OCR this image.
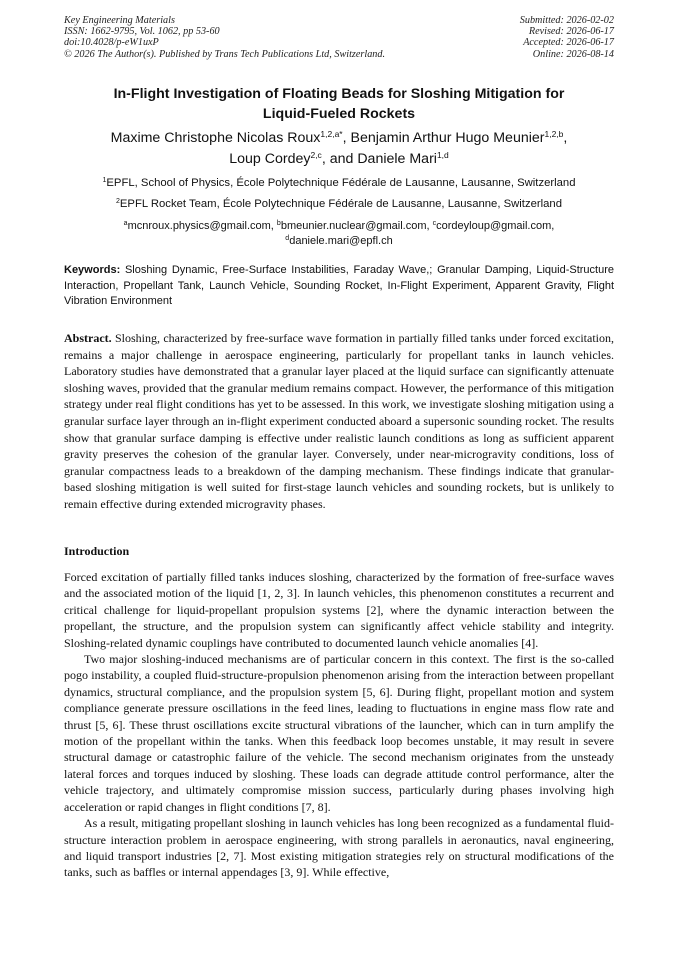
Key Engineering Materials
ISSN: 1662-9795, Vol. 1062, pp 53-60
doi:10.4028/p-eW1uxP
© 2026 The Author(s). Published by Trans Tech Publications Ltd, Switzerland.
Submitted: 2026-02-02
Revised: 2026-06-17
Accepted: 2026-06-17
Online: 2026-08-14
In-Flight Investigation of Floating Beads for Sloshing Mitigation for
Liquid-Fueled Rockets
Maxime Christophe Nicolas Roux$^{1,2,a*}$, Benjamin Arthur Hugo Meunier$^{1,2,b}$,
Loup Cordey$^{2,c}$, and Daniele Mari$^{1,d}$
$^1$EPFL, School of Physics, École Polytechnique Fédérale de Lausanne, Lausanne, Switzerland
$^2$EPFL Rocket Team, École Polytechnique Fédérale de Lausanne, Lausanne, Switzerland
$^a$mcnroux.physics@gmail.com, $^b$bmeunier.nuclear@gmail.com, $^c$cordeyloup@gmail.com,
$^d$daniele.mari@epfl.ch
Keywords: Sloshing Dynamic, Free-Surface Instabilities, Faraday Wave,; Granular Damping, Liquid-Structure Interaction, Propellant Tank, Launch Vehicle, Sounding Rocket, In-Flight Experiment, Apparent Gravity, Flight Vibration Environment
Abstract. Sloshing, characterized by free-surface wave formation in partially filled tanks under forced excitation, remains a major challenge in aerospace engineering, particularly for propellant tanks in launch vehicles. Laboratory studies have demonstrated that a granular layer placed at the liquid surface can significantly attenuate sloshing waves, provided that the granular medium remains compact. However, the performance of this mitigation strategy under real flight conditions has yet to be assessed. In this work, we investigate sloshing mitigation using a granular surface layer through an in-flight experiment conducted aboard a supersonic sounding rocket. The results show that granular surface damping is effective under realistic launch conditions as long as sufficient apparent gravity preserves the cohesion of the granular layer. Conversely, under near-microgravity conditions, loss of granular compactness leads to a breakdown of the damping mechanism. These findings indicate that granular-based sloshing mitigation is well suited for first-stage launch vehicles and sounding rockets, but is unlikely to remain effective during extended microgravity phases.
Introduction

Forced excitation of partially filled tanks induces sloshing, characterized by the formation of free-surface waves and the associated motion of the liquid [1, 2, 3]. In launch vehicles, this phenomenon constitutes a recurrent and critical challenge for liquid-propellant propulsion systems [2], where the dynamic interaction between the propellant, the structure, and the propulsion system can significantly affect vehicle stability and integrity. Sloshing-related dynamic couplings have contributed to documented launch vehicle anomalies [4].

Two major sloshing-induced mechanisms are of particular concern in this context. The first is the so-called pogo instability, a coupled fluid-structure-propulsion phenomenon arising from the interaction between propellant dynamics, structural compliance, and the propulsion system [5, 6]. During flight, propellant motion and system compliance generate pressure oscillations in the feed lines, leading to fluctuations in engine mass flow rate and thrust [5, 6]. These thrust oscillations excite structural vibrations of the launcher, which can in turn amplify the motion of the propellant within the tanks. When this feedback loop becomes unstable, it may result in severe structural damage or catastrophic failure of the vehicle. The second mechanism originates from the unsteady lateral forces and torques induced by sloshing. These loads can degrade attitude control performance, alter the vehicle trajectory, and ultimately compromise mission success, particularly during phases involving high acceleration or rapid changes in flight conditions [7, 8].

As a result, mitigating propellant sloshing in launch vehicles has long been recognized as a fundamental fluid-structure interaction problem in aerospace engineering, with strong parallels in aeronautics, naval engineering, and liquid transport industries [2, 7]. Most existing mitigation strategies rely on structural modifications of the tanks, such as baffles or internal appendages [3, 9]. While effective,
